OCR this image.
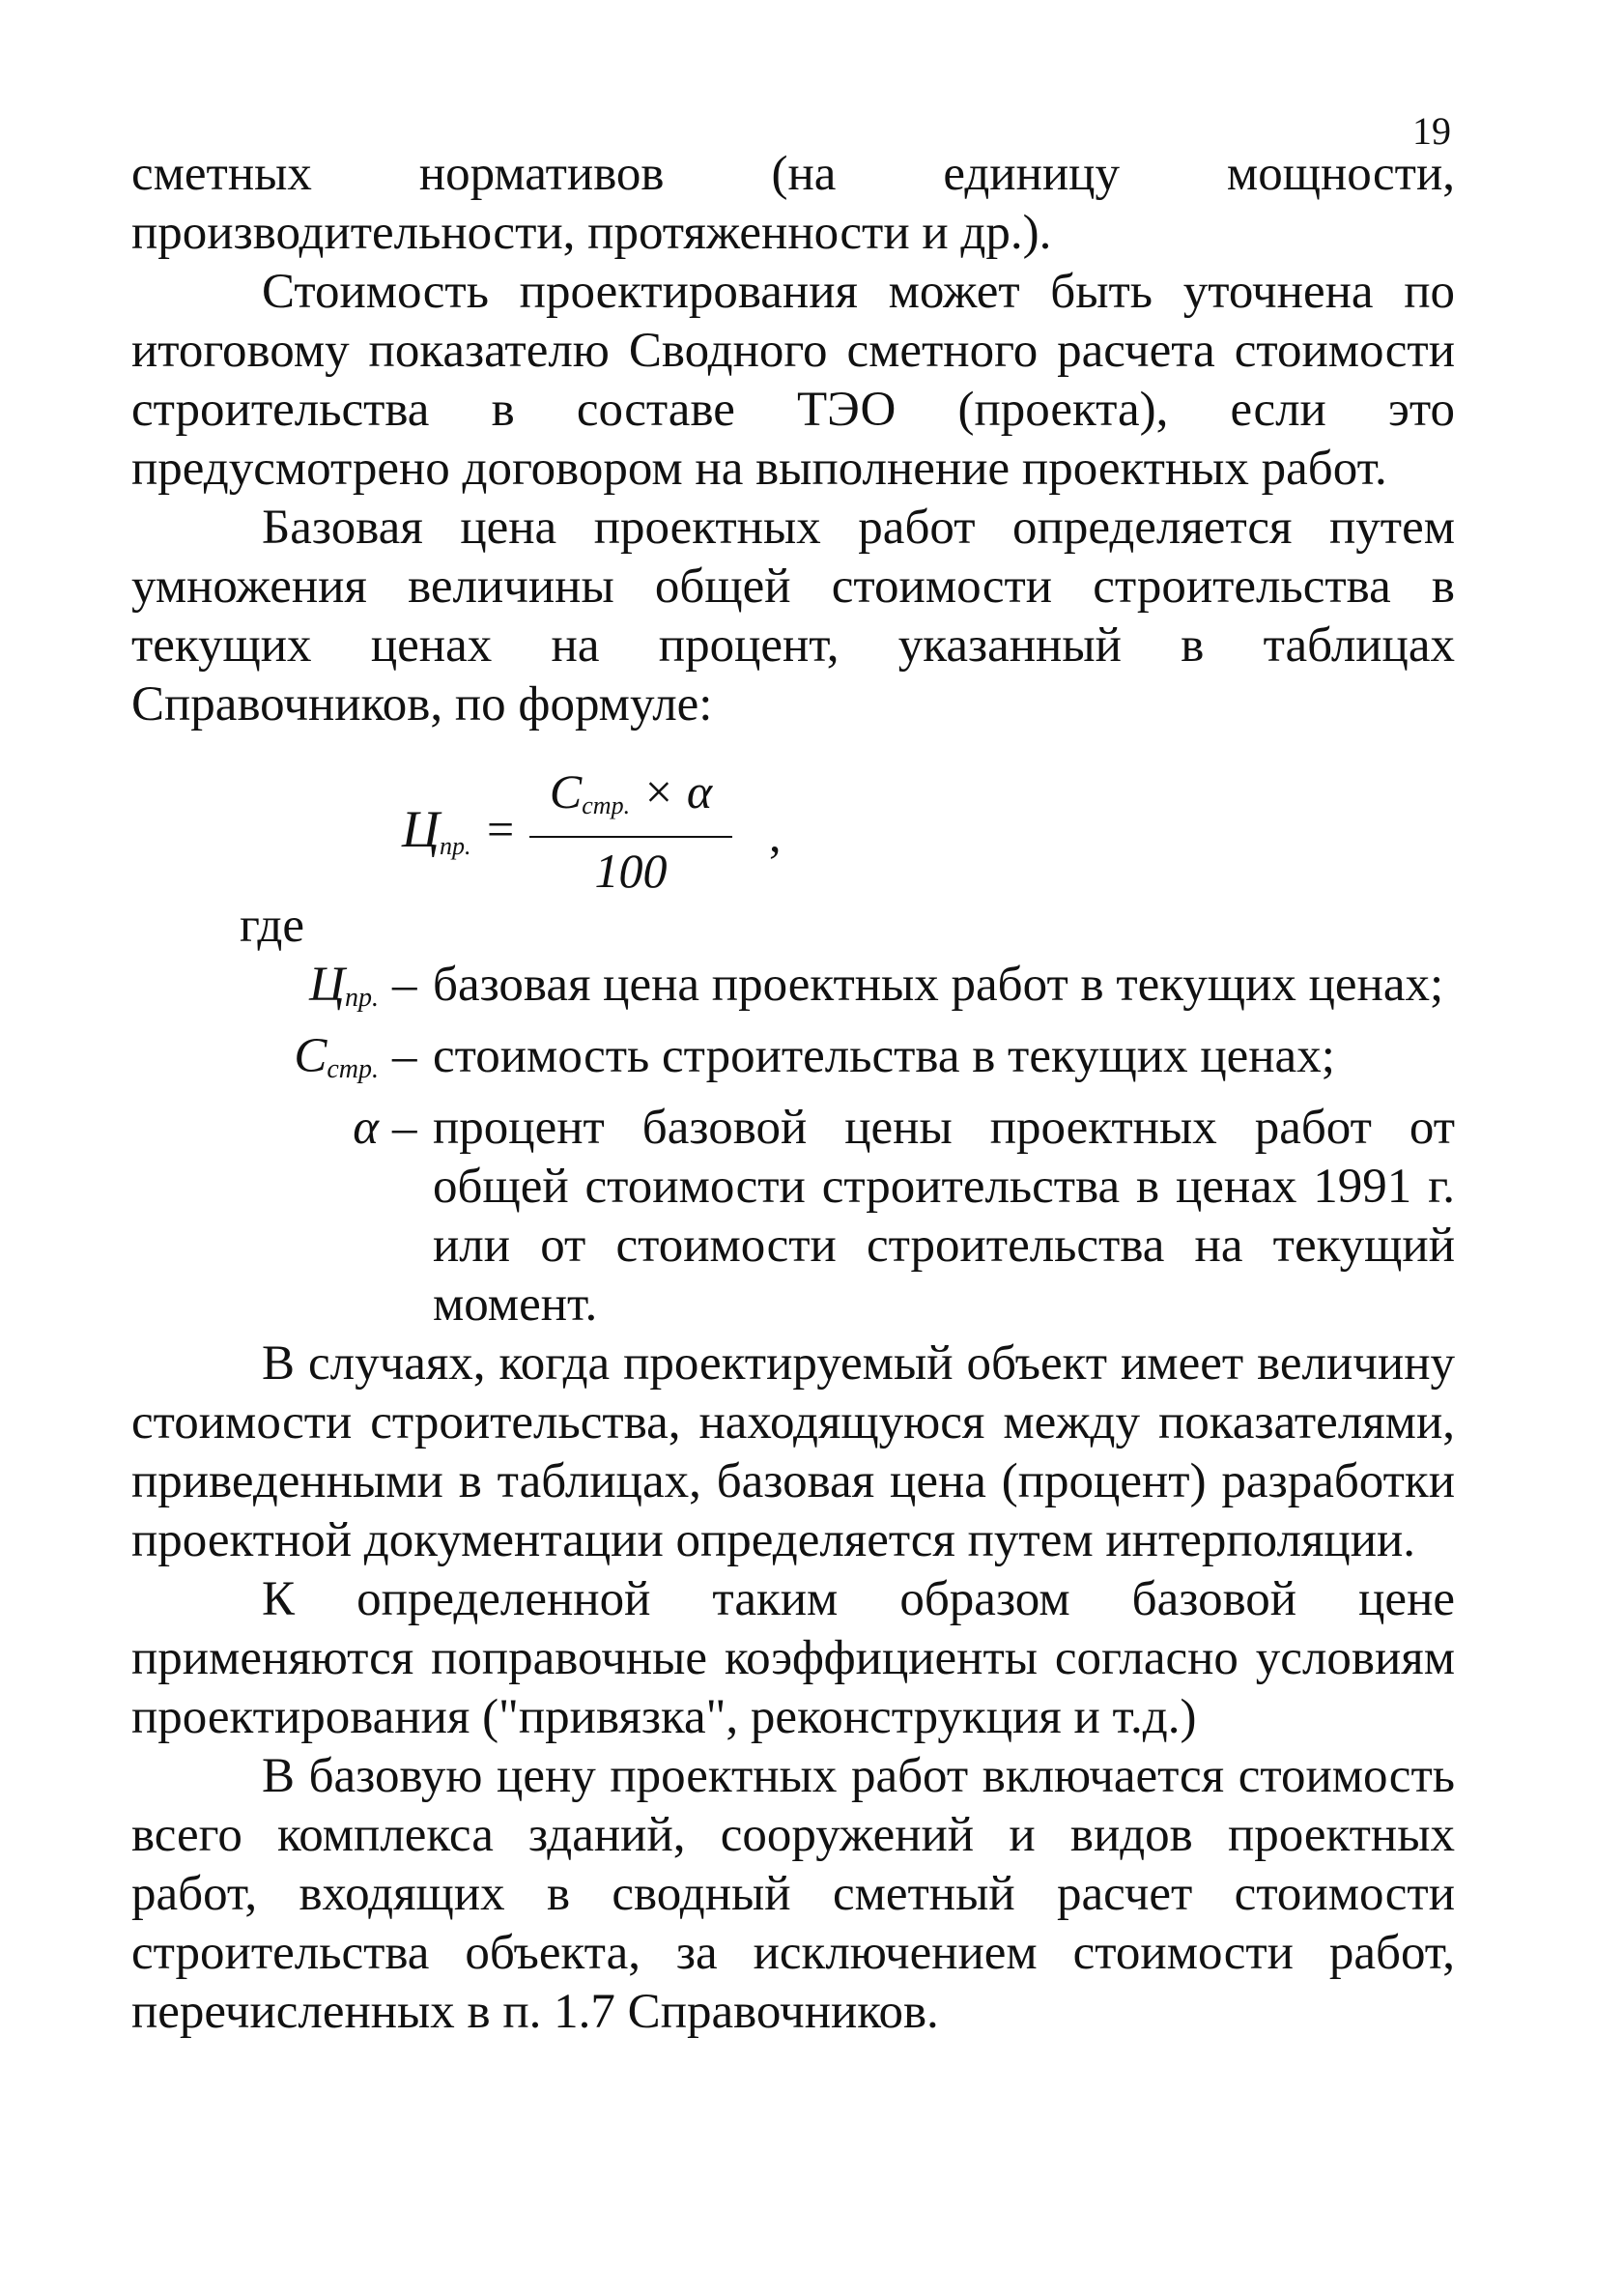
19

сметных нормативов (на единицу мощности, производительности, протяженности и др.).

Стоимость проектирования может быть уточнена по итоговому показателю Сводного сметного расчета стоимости строительства в составе ТЭО (проекта), если это предусмотрено договором на выполнение проектных работ.

Базовая цена проектных работ определяется путем умножения величины общей стоимости строительства в текущих ценах на процент, указанный в таблицах Справочников, по формуле:

$Ц_{пр.}$ =
$С_{стр.} \times \alpha$
100
,
где
$Ц_{пр.}$ – базовая цена проектных работ в текущих ценах;
$С_{стр.}$ – стоимость строительства в текущих ценах;
α – процент базовой цены проектных работ от общей стоимости строительства в ценах 1991 г. или от стоимости строительства на текущий момент.

В случаях, когда проектируемый объект имеет величину стоимости строительства, находящуюся между показателями, приведенными в таблицах, базовая цена (процент) разработки проектной документации определяется путем интерполяции.

К определенной таким образом базовой цене применяются поправочные коэффициенты согласно условиям проектирования ("привязка", реконструкция и т.д.)

В базовую цену проектных работ включается стоимость всего комплекса зданий, сооружений и видов проектных работ, входящих в сводный сметный расчет стоимости строительства объекта, за исключением стоимости работ, перечисленных в п. 1.7 Справочников.
